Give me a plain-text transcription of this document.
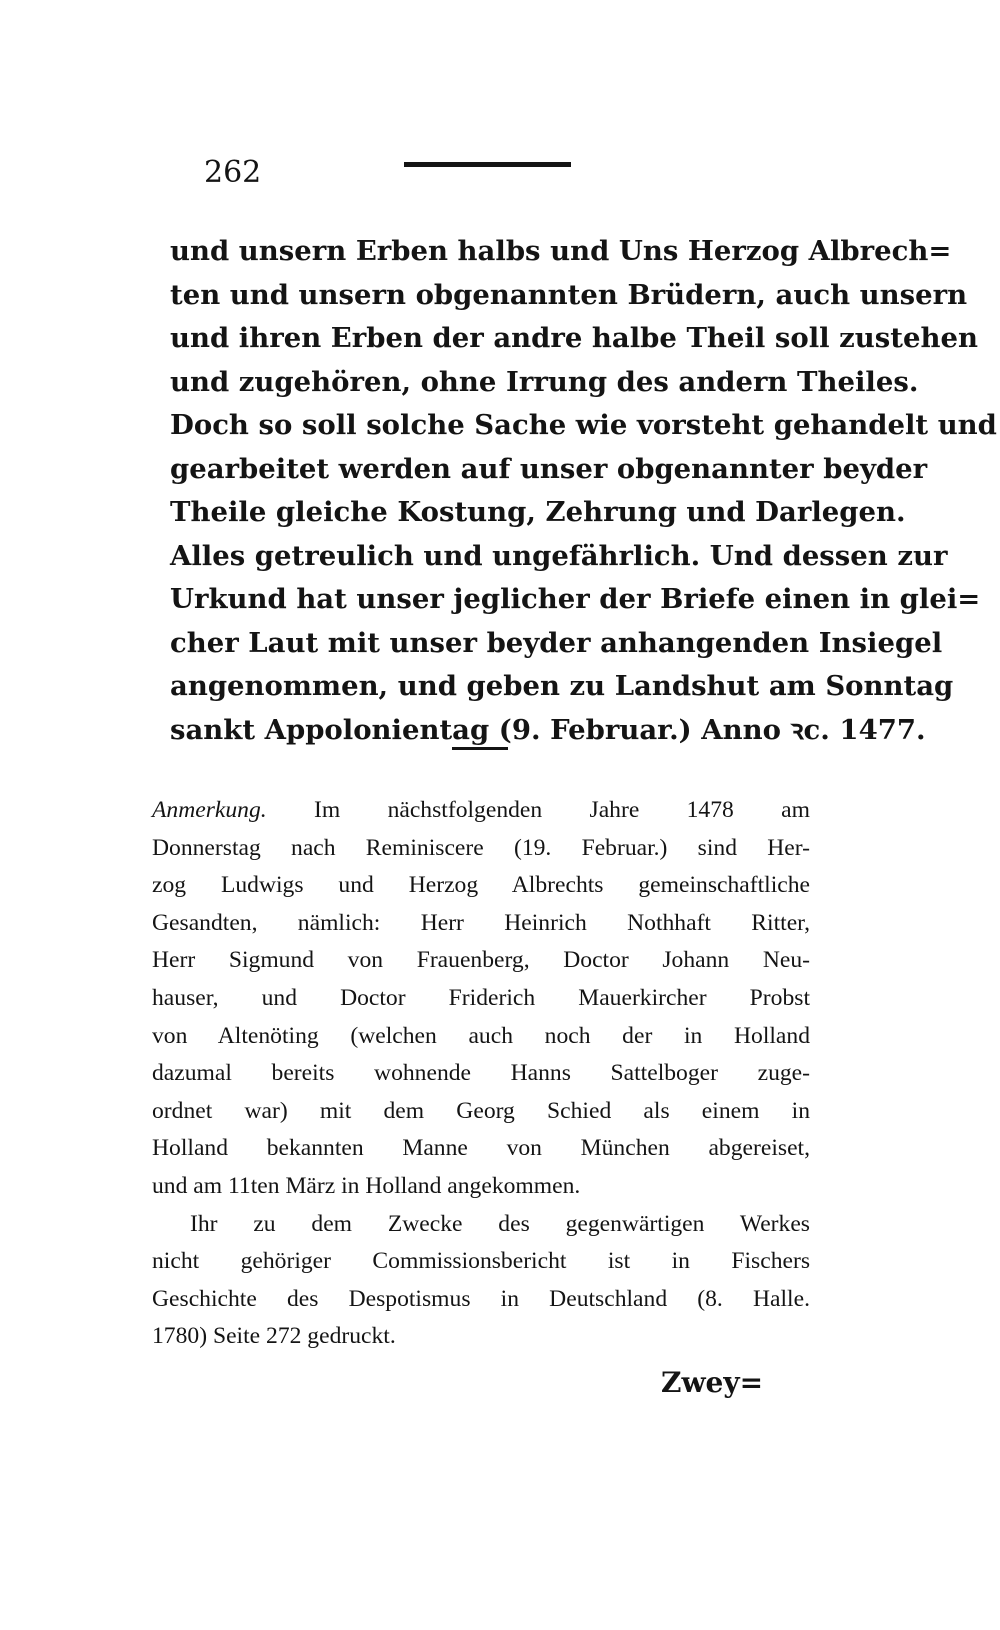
262
und unsern Erben halbs und Uns Herzog Albrech=
ten und unsern obgenannten Brüdern, auch unsern
und ihren Erben der andre halbe Theil soll zustehen
und zugehören, ohne Irrung des andern Theiles.
Doch so soll solche Sache wie vorsteht gehandelt und
gearbeitet werden auf unser obgenannter beyder
Theile gleiche Kostung, Zehrung und Darlegen.
Alles getreulich und ungefährlich. Und dessen zur
Urkund hat unser jeglicher der Briefe einen in glei=
cher Laut mit unser beyder anhangenden Insiegel
angenommen, und geben zu Landshut am Sonntag
sankt Appolonientag (9. Februar.) Anno ꝛc. 1477.
Anmerkung. Im nächstfolgenden Jahre 1478 am
Donnerstag nach Reminiscere (19. Februar.) sind Her-
zog Ludwigs und Herzog Albrechts gemeinschaftliche
Gesandten, nämlich: Herr Heinrich Nothhaft Ritter,
Herr Sigmund von Frauenberg, Doctor Johann Neu-
hauser, und Doctor Friderich Mauerkircher Probst
von Altenöting (welchen auch noch der in Holland
dazumal bereits wohnende Hanns Sattelboger zuge-
ordnet war) mit dem Georg Schied als einem in
Holland bekannten Manne von München abgereiset,
und am 11ten März in Holland angekommen.
Ihr zu dem Zwecke des gegenwärtigen Werkes
nicht gehöriger Commissionsbericht ist in Fischers
Geschichte des Despotismus in Deutschland (8. Halle.
1780) Seite 272 gedruckt.
Zwey=
